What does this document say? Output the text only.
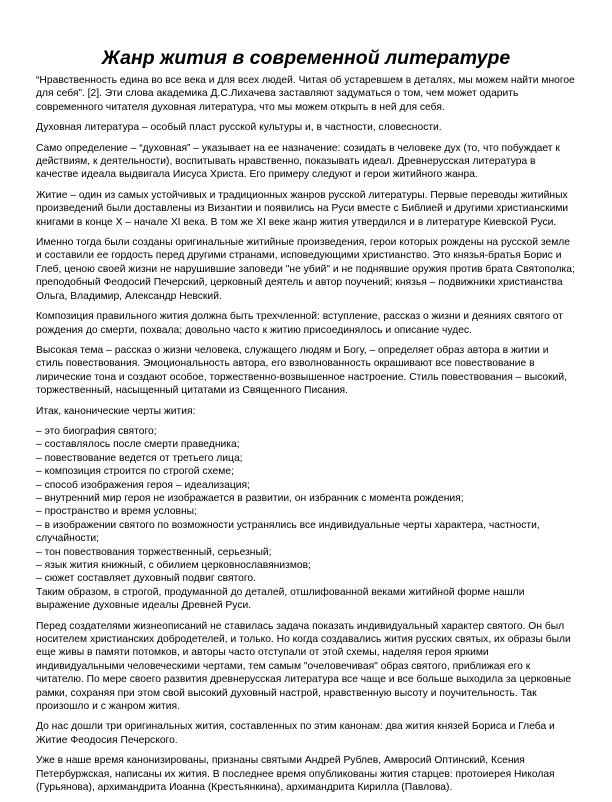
Жанр жития в современной литературе

“Нравственность едина во все века и для всех людей. Читая об устаревшем в деталях, мы можем найти многое для себя”. [2]. Эти слова академика Д.С.Лихачева заставляют задуматься о том, чем может одарить современного читателя духовная литература, что мы можем открыть в ней для себя.

Духовная литература – особый пласт русской культуры и, в частности, словесности.

Само определение – “духовная” – указывает на ее назначение: созидать в человеке дух (то, что побуждает к действиям, к деятельности), воспитывать нравственно, показывать идеал. Древнерусская литература в качестве идеала выдвигала Иисуса Христа. Его примеру следуют и герои житийного жанра.

Житие – один из самых устойчивых и традиционных жанров русской литературы. Первые переводы житийных произведений были доставлены из Византии и появились на Руси вместе с Библией и другими христианскими книгами в конце X – начале XI века. В том же XI веке жанр жития утвердился и в литературе Киевской Руси.

Именно тогда были созданы оригинальные житийные произведения, герои которых рождены на русской земле и составили ее гордость перед другими странами, исповедующими христианство. Это князья-братья Борис и Глеб, ценою своей жизни не нарушившие заповеди "не убий" и не поднявшие оружия против брата Святополка; преподобный Феодосий Печерский, церковный деятель и автор поучений; князья – подвижники христианства Ольга, Владимир, Александр Невский.

Композиция правильного жития должна быть трехчленной: вступление, рассказ о жизни и деяниях святого от рождения до смерти, похвала; довольно часто к житию присоединялось и описание чудес.

Высокая тема – рассказ о жизни человека, служащего людям и Богу, – определяет образ автора в житии и стиль повествования. Эмоциональность автора, его взволнованность окрашивают все повествование в лирические тона и создают особое, торжественно-возвышенное настроение. Стиль повествования – высокий, торжественный, насыщенный цитатами из Священного Писания.

Итак, канонические черты жития:

– это биография святого;
– составлялось после смерти праведника;
– повествование ведется от третьего лица;
– композиция строится по строгой схеме;
– способ изображения героя – идеализация;
– внутренний мир героя не изображается в развитии, он избранник с момента рождения;
– пространство и время условны;
– в изображении святого по возможности устранялись все индивидуальные черты характера, частности, случайности;
– тон повествования торжественный, серьезный;
– язык жития книжный, с обилием церковнославянизмов;
– сюжет составляет духовный подвиг святого.

Таким образом, в строгой, продуманной до деталей, отшлифованной веками житийной форме нашли выражение духовные идеалы Древней Руси.

Перед создателями жизнеописаний не ставилась задача показать индивидуальный характер святого. Он был носителем христианских добродетелей, и только. Но когда создавались жития русских святых, их образы были еще живы в памяти потомков, и авторы часто отступали от этой схемы, наделяя героя яркими индивидуальными человеческими чертами, тем самым "очеловечивая" образ святого, приближая его к читателю. По мере своего развития древнерусская литература все чаще и все больше выходила за церковные рамки, сохраняя при этом свой высокий духовный настрой, нравственную высоту и поучительность. Так произошло и с жанром жития.

До нас дошли три оригинальных жития, составленных по этим канонам: два жития князей Бориса и Глеба и Житие Феодосия Печерского.

Уже в наше время канонизированы, признаны святыми Андрей Рублев, Амвросий Оптинский, Ксения Петербуржская, написаны их жития. В последнее время опубликованы жития старцев: протоиерея Николая (Гурьянова), архимандрита Иоанна (Крестьянкина), архимандрита Кирилла (Павлова).
